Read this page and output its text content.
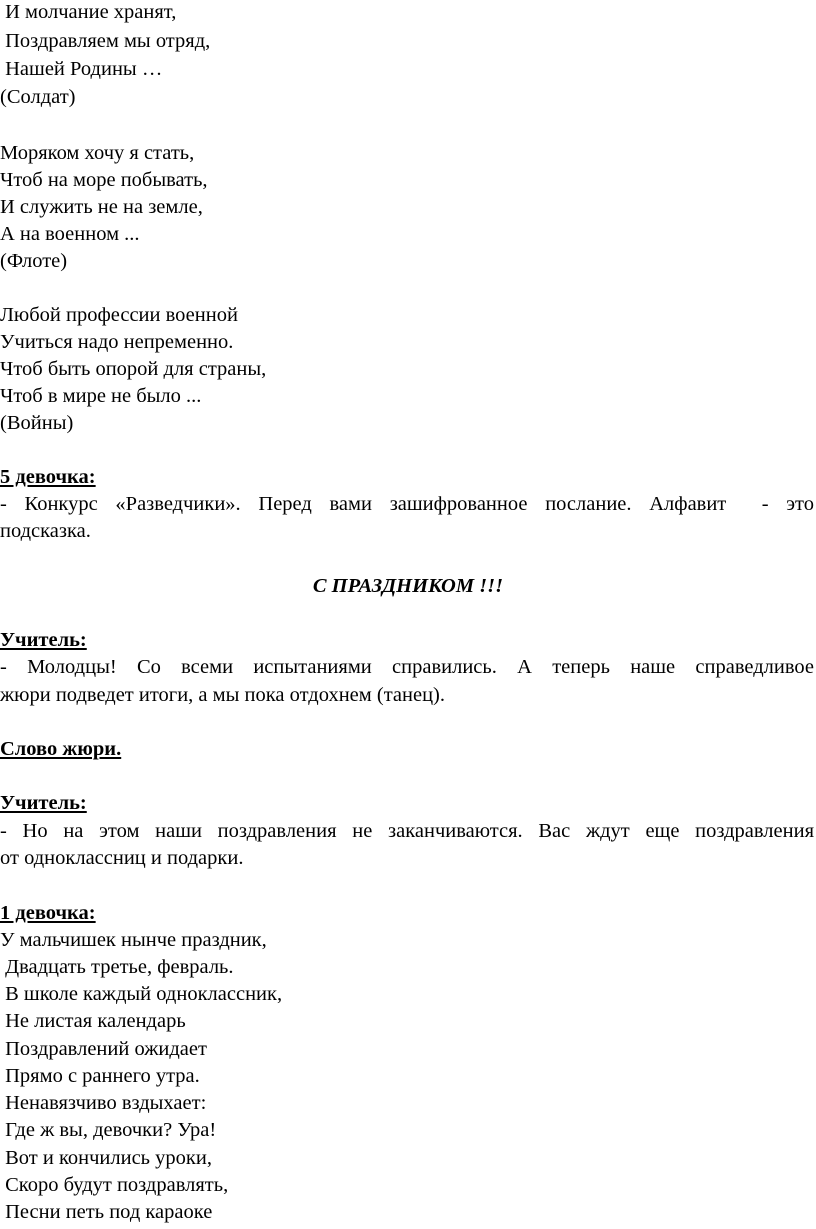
И молчание хранят,
Поздравляем мы отряд,
Нашей Родины …
(Солдат)
Моряком хочу я стать,
Чтоб на море побывать,
И служить не на земле,
А на военном ...
(Флоте)
Любой профессии военной
Учиться надо непременно.
Чтоб быть опорой для страны,
Чтоб в мире не было ...
(Войны)
5 девочка:
- Конкурс «Разведчики». Перед вами зашифрованное послание. Алфавит  - это
подсказка.
С ПРАЗДНИКОМ !!!
Учитель:
- Молодцы! Со всеми испытаниями справились. А теперь наше справедливое
жюри подведет итоги, а мы пока отдохнем (танец).
Слово жюри.
Учитель:
- Но на этом наши поздравления не заканчиваются. Вас ждут еще поздравления
от одноклассниц и подарки.
1 девочка:
У мальчишек нынче праздник,
Двадцать третье, февраль.
В школе каждый одноклассник,
Не листая календарь
Поздравлений ожидает
Прямо с раннего утра.
Ненавязчиво вздыхает:
Где ж вы, девочки? Ура!
Вот и кончились уроки,
Скоро будут поздравлять,
Песни петь под караоке
